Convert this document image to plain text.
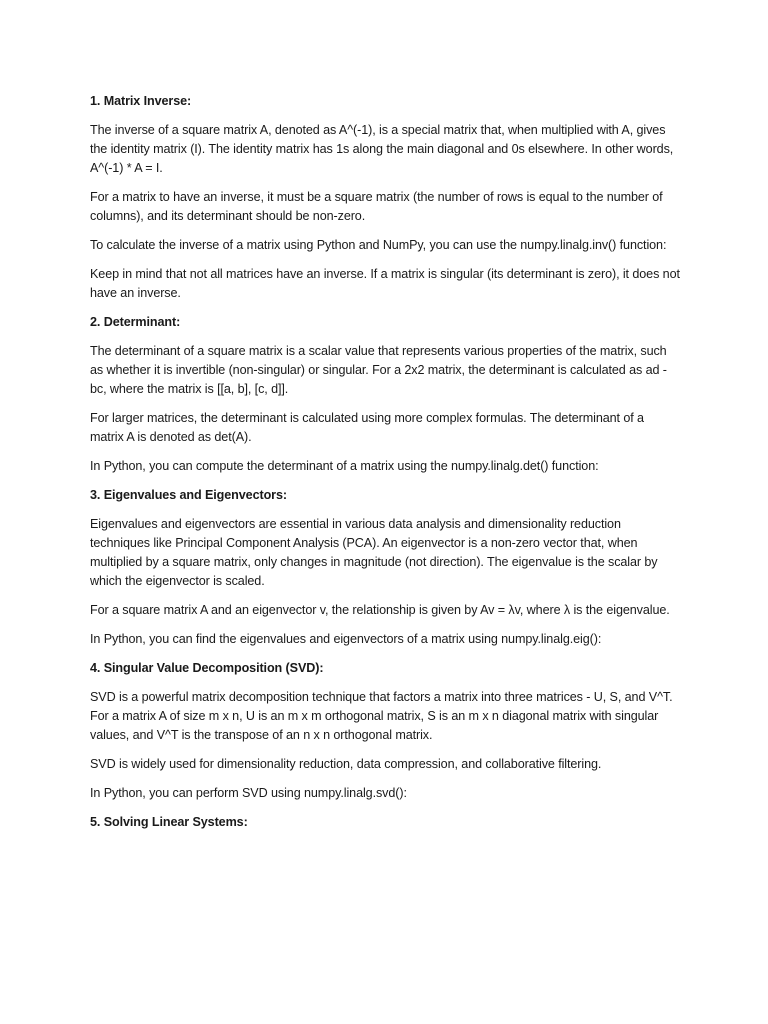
1. Matrix Inverse:

The inverse of a square matrix A, denoted as A^(-1), is a special matrix that, when multiplied with A, gives the identity matrix (I). The identity matrix has 1s along the main diagonal and 0s elsewhere. In other words, A^(-1) * A = I.

For a matrix to have an inverse, it must be a square matrix (the number of rows is equal to the number of columns), and its determinant should be non-zero.

To calculate the inverse of a matrix using Python and NumPy, you can use the numpy.linalg.inv() function:

Keep in mind that not all matrices have an inverse. If a matrix is singular (its determinant is zero), it does not have an inverse.

2. Determinant:

The determinant of a square matrix is a scalar value that represents various properties of the matrix, such as whether it is invertible (non-singular) or singular. For a 2x2 matrix, the determinant is calculated as ad - bc, where the matrix is [[a, b], [c, d]].

For larger matrices, the determinant is calculated using more complex formulas. The determinant of a matrix A is denoted as det(A).

In Python, you can compute the determinant of a matrix using the numpy.linalg.det() function:

3. Eigenvalues and Eigenvectors:

Eigenvalues and eigenvectors are essential in various data analysis and dimensionality reduction techniques like Principal Component Analysis (PCA). An eigenvector is a non-zero vector that, when multiplied by a square matrix, only changes in magnitude (not direction). The eigenvalue is the scalar by which the eigenvector is scaled.

For a square matrix A and an eigenvector v, the relationship is given by Av = λv, where λ is the eigenvalue.

In Python, you can find the eigenvalues and eigenvectors of a matrix using numpy.linalg.eig():

4. Singular Value Decomposition (SVD):

SVD is a powerful matrix decomposition technique that factors a matrix into three matrices - U, S, and V^T. For a matrix A of size m x n, U is an m x m orthogonal matrix, S is an m x n diagonal matrix with singular values, and V^T is the transpose of an n x n orthogonal matrix.

SVD is widely used for dimensionality reduction, data compression, and collaborative filtering.

In Python, you can perform SVD using numpy.linalg.svd():

5. Solving Linear Systems:
